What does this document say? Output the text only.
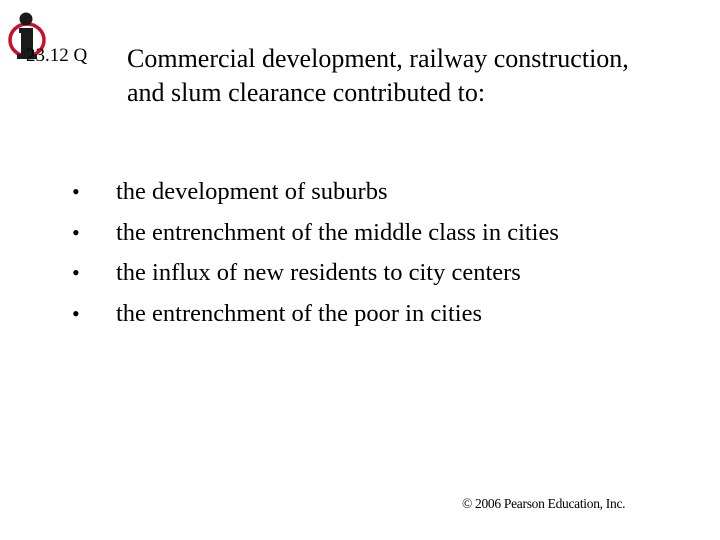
23.12 Q Commercial development, railway construction,
and slum clearance contributed to:
•	the development of suburbs
•	the entrenchment of the middle class in cities
•	the influx of new residents to city centers
•	the entrenchment of the poor in cities
© 2006 Pearson Education, Inc.
